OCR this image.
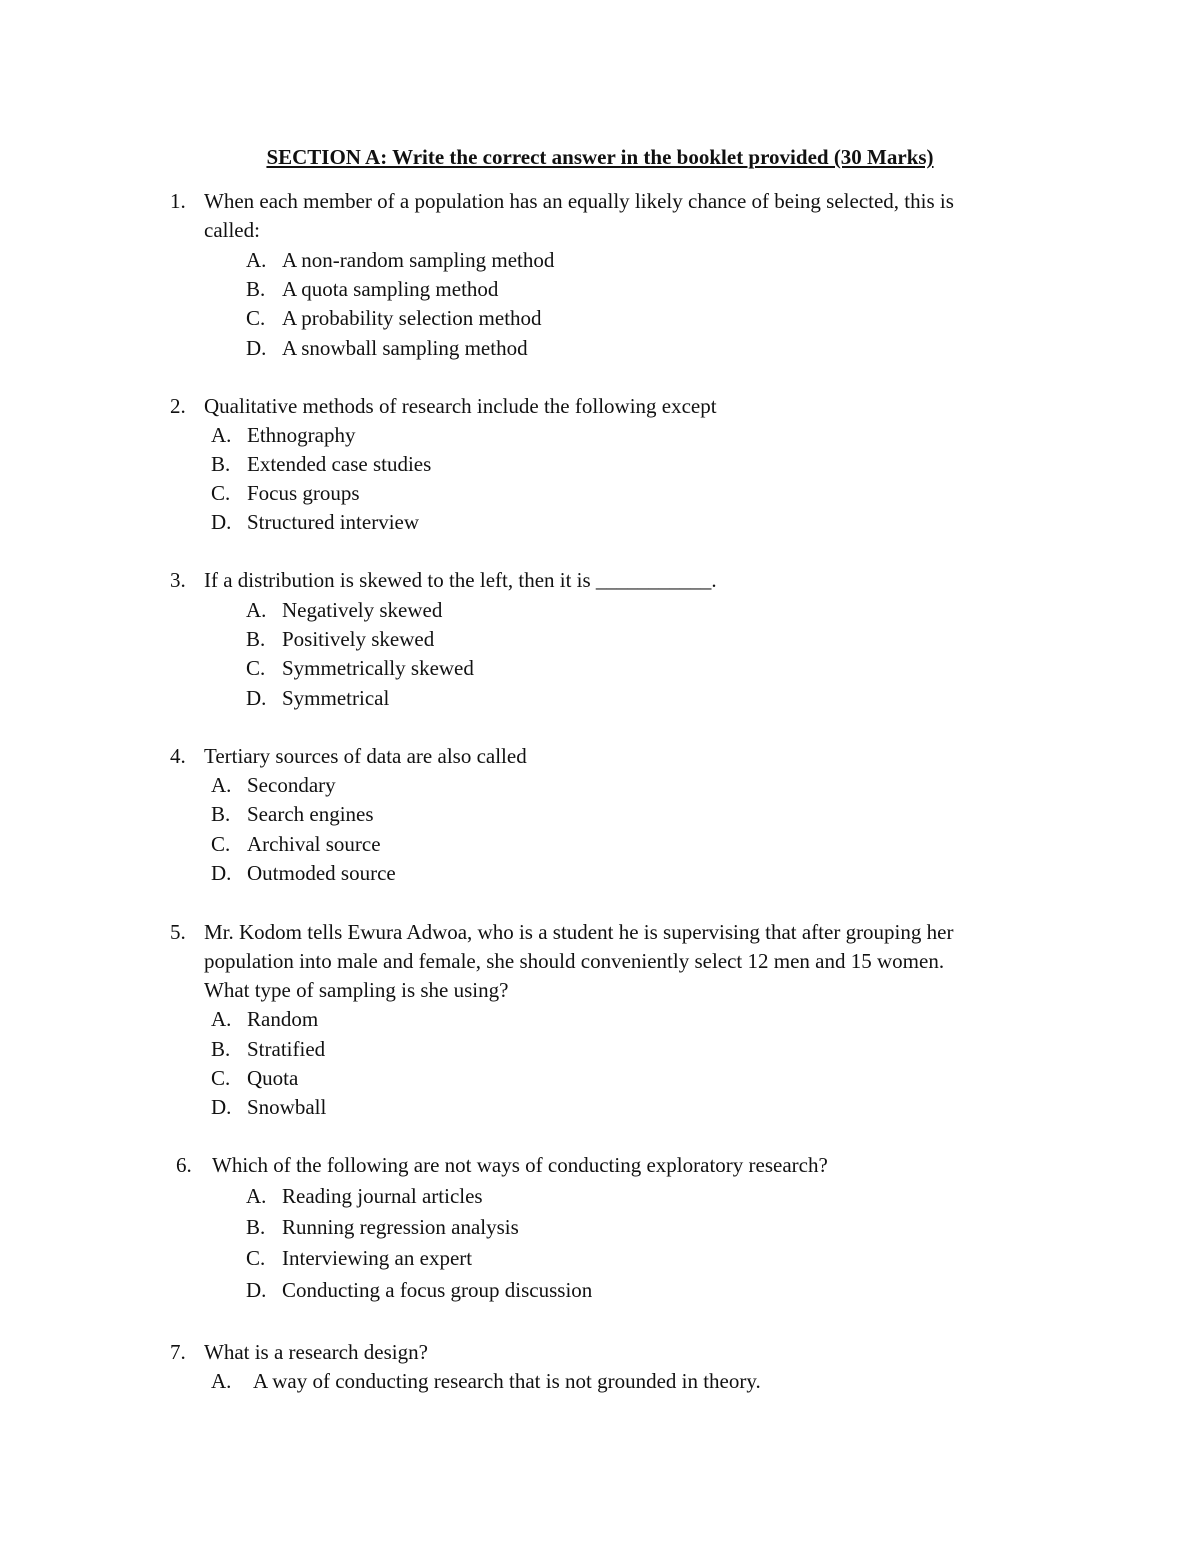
SECTION A: Write the correct answer in the booklet provided (30 Marks)
1. When each member of a population has an equally likely chance of being selected, this is
called:
A. A non-random sampling method
B. A quota sampling method
C. A probability selection method
D. A snowball sampling method
2. Qualitative methods of research include the following except
A. Ethnography
B. Extended case studies
C. Focus groups
D. Structured interview
3. If a distribution is skewed to the left, then it is ___________.
A. Negatively skewed
B. Positively skewed
C. Symmetrically skewed
D. Symmetrical
4. Tertiary sources of data are also called
A. Secondary
B. Search engines
C. Archival source
D. Outmoded source
5. Mr. Kodom tells Ewura Adwoa, who is a student he is supervising that after grouping her
population into male and female, she should conveniently select 12 men and 15 women.
What type of sampling is she using?
A. Random
B. Stratified
C. Quota
D. Snowball
6. Which of the following are not ways of conducting exploratory research?
A. Reading journal articles
B. Running regression analysis
C. Interviewing an expert
D. Conducting a focus group discussion
7. What is a research design?
A. A way of conducting research that is not grounded in theory.
